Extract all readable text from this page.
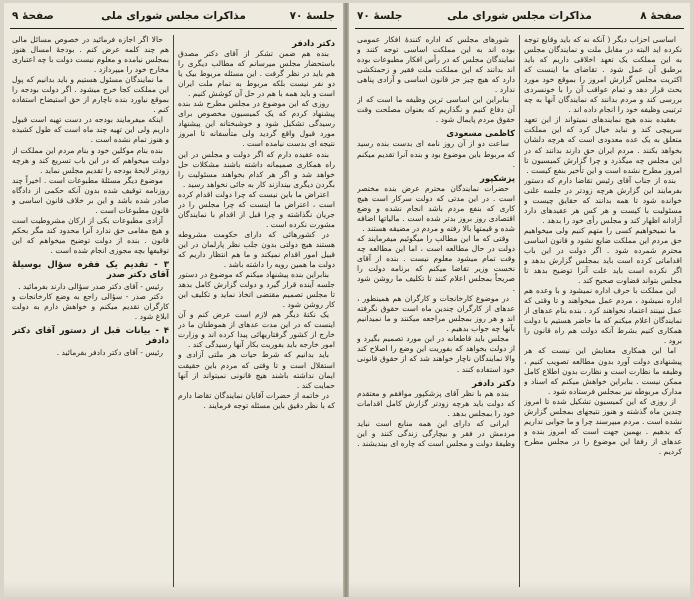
جلسهٔ ۷۰
مذاکرات مجلس شورای ملی
صفحهٔ ۹
دکتر دادفر

بنده هم ضمن تشکر از آقای دکتر مصدق باستحضار مجلس میرسانم که مطالب دیگری را هم باید در نظر گرفت . این مسئله مربوط بیک یا دو نفر نیست بلکه مربوط به تمام ملت ایران است و باید همه با هم در حل آن کوشش کنیم .

روزی که این موضوع در مجلس مطرح شد بنده پیشنهاد کردم که یک کمیسیون مخصوص برای رسیدگی تشکیل شود و خوشبختانه این پیشنهاد مورد قبول واقع گردید ولی متأسفانه تا امروز نتیجه ای بدست نیامده است .

بنده عقیده دارم که اگر دولت و مجلس در این راه همکاری صمیمانه داشته باشند مشکلات حل خواهد شد و اگر هر کدام بخواهند مسئولیت را بگردن دیگری بیندازند کار به جائی نخواهد رسید .

اعتراض ما باین نیست که چرا دولت اقدام کرده است ، اعتراض ما اینست که چرا مجلس را در جریان نگذاشته و چرا قبل از اقدام با نمایندگان مشورت نکرده است .

در کشورهائی که دارای حکومت مشروطه هستند هیچ دولتی بدون جلب نظر پارلمان در این قبیل امور اقدام نمیکند و ما هم انتظار داریم که دولت ما همین رویه را داشته باشد .

بنابراین بنده پیشنهاد میکنم که موضوع در دستور جلسه آینده قرار گیرد و دولت گزارش کامل بدهد تا مجلس تصمیم مقتضی اتخاذ نماید و تکلیف این کار روشن شود .

یک نکتهٔ دیگر هم لازم است عرض کنم و آن اینست که در این مدت عدهای از هموطنان ما در خارج از کشور گرفتاریهائی پیدا کرده اند و وزارت امور خارجه باید بفوریت بکار آنها رسیدگی کند .

باید بدانیم که شرط حیات هر ملتی آزادی و استقلال است و تا وقتی که مردم باین حقیقت ایمان نداشته باشند هیچ قانونی نمیتواند از آنها حمایت کند .

در خاتمه از حضرات آقایان نمایندگان تقاضا دارم که با نظر دقیق باین مسئله توجه فرمایند .

حالا اگر اجازه فرمائید در خصوص مسائل مالی هم چند کلمه عرض کنم . بودجهٔ امسال هنوز بمجلس نیامده و معلوم نیست دولت با چه اعتباری مخارج خود را میپردازد .

ما نمایندگان مسئول هستیم و باید بدانیم که پول این مملکت کجا خرج میشود . اگر دولت بودجه را بموقع نیاورد بنده ناچارم از حق استیضاح استفاده کنم .

اینکه میفرمایند بودجه در دست تهیه است قبول داریم ولی این تهیه چند ماه است که طول کشیده و هنوز تمام نشده است .

بنده بنام موکلین خود و بنام مردم این مملکت از دولت میخواهم که در این باب تسریع کند و هرچه زودتر لایحهٔ بودجه را تقدیم مجلس نماید .

موضوع دیگر مسئلهٔ مطبوعات است . اخیراً چند روزنامه توقیف شده بدون آنکه حکمی از دادگاه صادر شده باشد و این بر خلاف قانون اساسی و قانون مطبوعات است .

آزادی مطبوعات یکی از ارکان مشروطیت است و هیچ مقامی حق ندارد آنرا محدود کند مگر بحکم قانون . بنده از دولت توضیح میخواهم که این توقیفها بچه مجوزی انجام شده است .

۳ - تقدیم یک فقره سؤال بوسیلهٔ آقای دکتر صدر

رئیس - آقای دکتر صدر سؤالی دارند بفرمائید .

دکتر صدر - سؤالی راجع به وضع کارخانجات و کارگران تقدیم میکنم و خواهش دارم به دولت ابلاغ شود .

۴ - بیانات قبل از دستور آقای دکتر دادفر

رئیس - آقای دکتر دادفر بفرمائید .

صفحهٔ ۸
مذاکرات مجلس شورای ملی
جلسهٔ ۷۰

اساسی احزاب دیگر ( آنکه نه که باید وقایع توجه نکرده اید البته در مقابل ملت و نمایندگان مجلس به این مملکت یک تعهد اخلاقی داریم که باید برطبق آن عمل شود . تقاضای ما اینست که اکثریت مجلس گزارش امروز را بموقع خود مورد بحث قرار دهد و تمام عواقب آن را با خونسردی بررسی کند و مردم بدانند که نمایندگان آنها به چه ترتیبی وظیفه خود را انجام داده اند .

بعقیده بنده هیچ نمایندهای نمیتواند از این تعهد سرپیچی کند و نباید خیال کرد که این مملکت متعلق به یک عده معدودی است که هرچه دلشان بخواهد بکنند . مردم ایران حق دارند بدانند که در این مجلس چه میگذرد و چرا گزارش کمیسیون تا امروز مطرح نشده است و این تأخیر بنفع کیست .

بنده از جناب آقای رئیس تقاضا دارم که دستور بفرمایند این گزارش هرچه زودتر در جلسه علنی خوانده شود تا همه بدانند که حقایق چیست و مسئولیت با کیست و هر کس هر عقیدهای دارد آزادانه اظهار کند و مجلس رأی خود را بدهد .

ما نمیخواهیم کسی را متهم کنیم ولی میخواهیم حق مردم این مملکت ضایع نشود و قانون اساسی محترم شمرده شود . اگر دولت در این باب اقداماتی کرده است باید بمجلس گزارش بدهد و اگر نکرده است باید علت آنرا توضیح بدهد تا مجلس بتواند قضاوت صحیح کند .

این مملکت با حرف اداره نمیشود و با وعده هم اداره نمیشود ، مردم عمل میخواهند و تا وقتی که عمل نبینند اعتماد نخواهند کرد . بنده بنام عدهای از نمایندگان اعلام میکنم که ما حاضر هستیم با دولت همکاری کنیم بشرط آنکه دولت هم راه قانون را برود .

اما این همکاری معنایش این نیست که هر پیشنهادی دولت آورد بدون مطالعه تصویب کنیم ، وظیفه ما نظارت است و نظارت بدون اطلاع کامل ممکن نیست . بنابراین خواهش میکنم که اسناد و مدارک مربوطه نیز بمجلس فرستاده شود .

از روزی که این کمیسیون تشکیل شده تا امروز چندین ماه گذشته و هنوز نتیجهای بمجلس گزارش نشده است . مردم میپرسند چرا و ما جوابی نداریم که بدهیم . بهمین جهت است که امروز بنده و عدهای از رفقا این موضوع را در مجلس مطرح کردیم .

شورهای مجلس که اداره کنندهٔ افکار عمومی بوده اند به این مملکت اساسی توجه کنند و نمایندگان مجلس که در رأس افکار مطبوعات بوده اند بدانند که این مملکت ملت فقیر و زحمتکشی دارد که هیچ چیز جز قانون اساسی و آزادی پناهی ندارد .

بنابراین این اساسی ترین وظیفه ما است که از آن دفاع کنیم و نگذاریم که بعنوان مصلحت وقت حقوق مردم پایمال شود .

کاظمی مسعودی

ساعت دو از آن روز نامه ای بدست بنده رسید که مربوط باین موضوع بود و بنده آنرا تقدیم میکنم .

پزشکپور

حضرات نمایندگان محترم عرض بنده مختصر است . در این مدتی که دولت سرکار است هیچ کاری که بنفع مردم باشد انجام نشده و وضع اقتصادی روز بروز بدتر شده است . مالیاتها اضافه شده و قیمتها بالا رفته و مردم در مضیقه هستند .

وقتی که ما این مطالب را میگوئیم میفرمایند که دولت در حال مطالعه است ، اما این مطالعه چه وقت تمام میشود معلوم نیست . بنده از آقای نخست وزیر تقاضا میکنم که برنامه دولت را صریحاً بمجلس اعلام کنند تا تکلیف ما روشن شود .

در موضوع کارخانجات و کارگران هم همینطور ، عدهای از کارگران چندین ماه است حقوق نگرفته اند و هر روز بمجلس مراجعه میکنند و ما نمیدانیم بآنها چه جواب بدهیم .

مجلس باید قاطعانه در این مورد تصمیم بگیرد و از دولت بخواهد که بفوریت این وضع را اصلاح کند والا نمایندگان ناچار خواهند شد که از حقوق قانونی خود استفاده کنند .

دکتر دادفر

بنده هم با نظر آقای پزشکپور موافقم و معتقدم که دولت باید هرچه زودتر گزارش کامل اقدامات خود را بمجلس بدهد .

ایرانی که دارای این همه منابع است نباید مردمش در فقر و بیچارگی زندگی کنند و این وظیفهٔ دولت و مجلس است که چاره ای بیندیشند .
